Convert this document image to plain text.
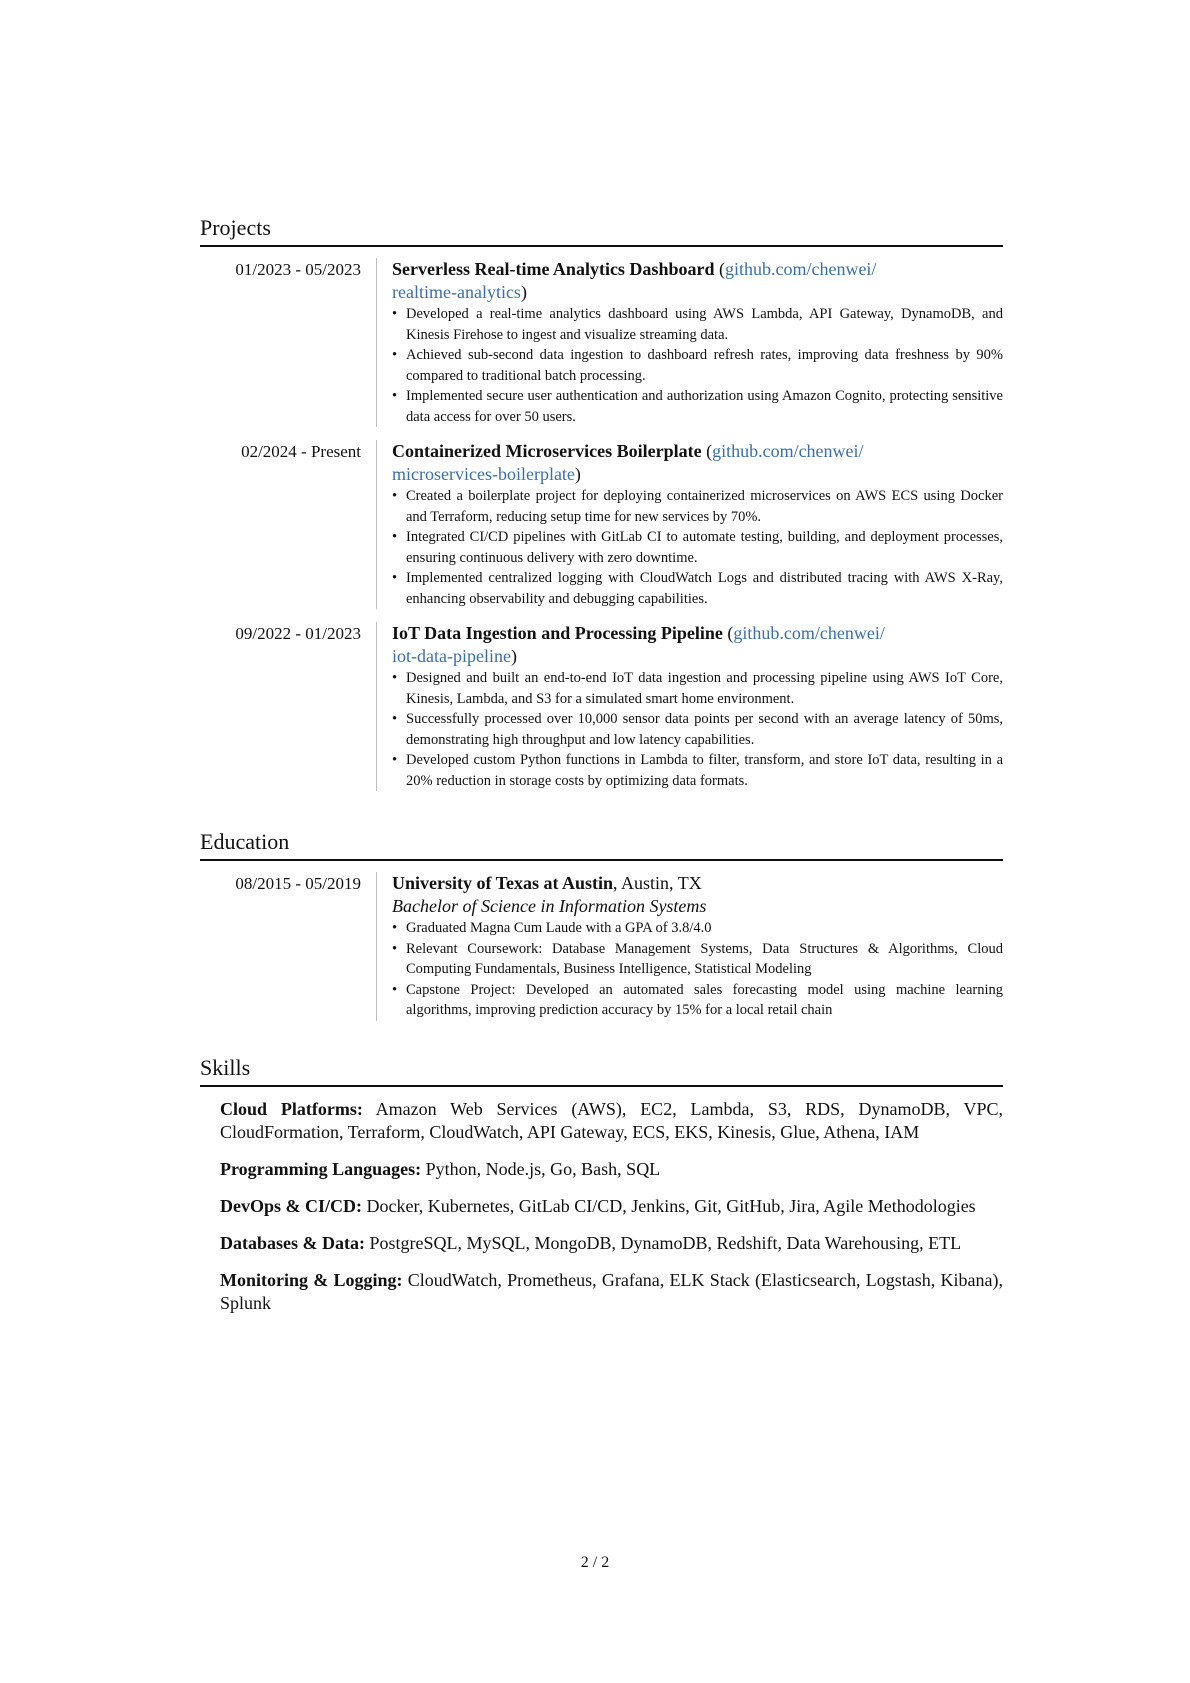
Projects
01/2023 - 05/2023	Serverless Real-time Analytics Dashboard (github.com/chenwei/
realtime-analytics)
• Developed a real-time analytics dashboard using AWS Lambda, API Gateway, DynamoDB, and Kinesis Firehose to ingest and visualize streaming data.
• Achieved sub-second data ingestion to dashboard refresh rates, improving data freshness by 90% compared to traditional batch processing.
• Implemented secure user authentication and authorization using Amazon Cognito, protecting sensitive data access for over 50 users.
02/2024 - Present	Containerized Microservices Boilerplate (github.com/chenwei/
microservices-boilerplate)
• Created a boilerplate project for deploying containerized microservices on AWS ECS using Docker and Terraform, reducing setup time for new services by 70%.
• Integrated CI/CD pipelines with GitLab CI to automate testing, building, and deployment processes, ensuring continuous delivery with zero downtime.
• Implemented centralized logging with CloudWatch Logs and distributed tracing with AWS X-Ray, enhancing observability and debugging capabilities.
09/2022 - 01/2023	IoT Data Ingestion and Processing Pipeline (github.com/chenwei/
iot-data-pipeline)
• Designed and built an end-to-end IoT data ingestion and processing pipeline using AWS IoT Core, Kinesis, Lambda, and S3 for a simulated smart home environment.
• Successfully processed over 10,000 sensor data points per second with an average latency of 50ms, demonstrating high throughput and low latency capabilities.
• Developed custom Python functions in Lambda to filter, transform, and store IoT data, resulting in a 20% reduction in storage costs by optimizing data formats.
Education
08/2015 - 05/2019	University of Texas at Austin, Austin, TX
Bachelor of Science in Information Systems
• Graduated Magna Cum Laude with a GPA of 3.8/4.0
• Relevant Coursework: Database Management Systems, Data Structures & Algorithms, Cloud Computing Fundamentals, Business Intelligence, Statistical Modeling
• Capstone Project: Developed an automated sales forecasting model using machine learning algorithms, improving prediction accuracy by 15% for a local retail chain
Skills
Cloud Platforms: Amazon Web Services (AWS), EC2, Lambda, S3, RDS, DynamoDB, VPC, CloudFormation, Terraform, CloudWatch, API Gateway, ECS, EKS, Kinesis, Glue, Athena, IAM
Programming Languages: Python, Node.js, Go, Bash, SQL
DevOps & CI/CD: Docker, Kubernetes, GitLab CI/CD, Jenkins, Git, GitHub, Jira, Agile Methodologies
Databases & Data: PostgreSQL, MySQL, MongoDB, DynamoDB, Redshift, Data Warehousing, ETL
Monitoring & Logging: CloudWatch, Prometheus, Grafana, ELK Stack (Elasticsearch, Logstash, Kibana), Splunk
2 / 2
